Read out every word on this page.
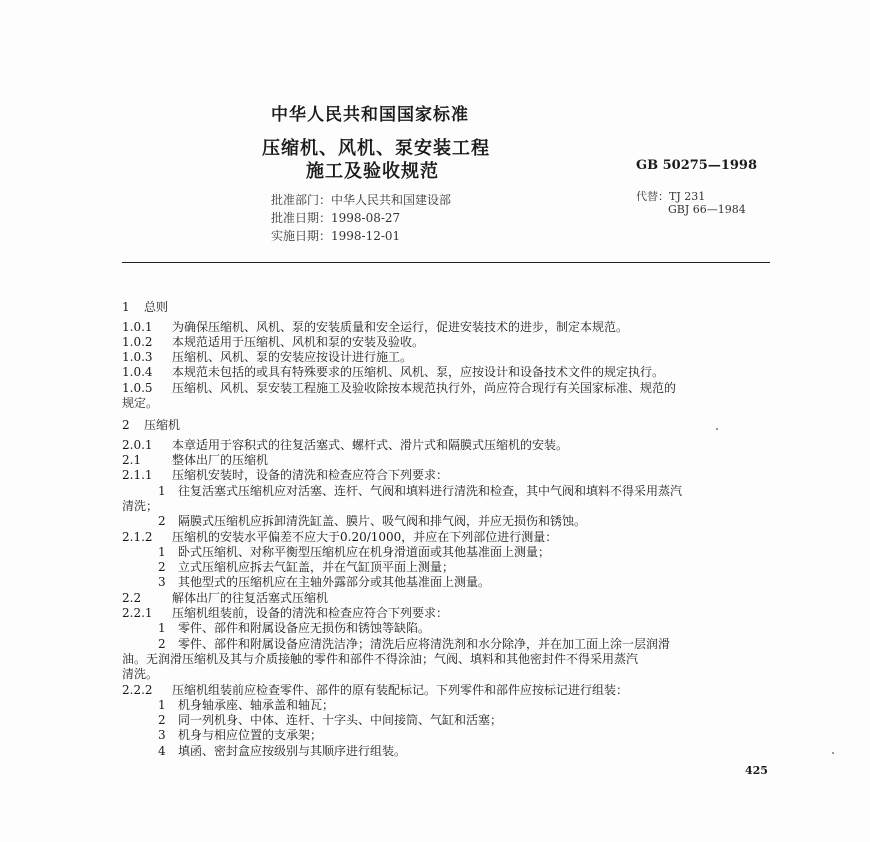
中华人民共和国国家标准
压缩机、风机、泵安装工程
施工及验收规范	GB 50275—1998
批准部门：中华人民共和国建设部
批准日期：1998-08-27
实施日期：1998-12-01
代替：TJ 231
GBJ 66—1984
1 总则
1.0.1 为确保压缩机、风机、泵的安装质量和安全运行，促进安装技术的进步，制定本规范。
1.0.2 本规范适用于压缩机、风机和泵的安装及验收。
1.0.3 压缩机、风机、泵的安装应按设计进行施工。
1.0.4 本规范未包括的或具有特殊要求的压缩机、风机、泵，应按设计和设备技术文件的规定执行。
1.0.5 压缩机、风机、泵安装工程施工及验收除按本规范执行外，尚应符合现行有关国家标准、规范的
规定。
2 压缩机
2.0.1 本章适用于容积式的往复活塞式、螺杆式、滑片式和隔膜式压缩机的安装。
2.1	整体出厂的压缩机
2.1.1 压缩机安装时，设备的清洗和检查应符合下列要求：
1 往复活塞式压缩机应对活塞、连杆、气阀和填料进行清洗和检查，其中气阀和填料不得采用蒸汽
清洗；
2 隔膜式压缩机应拆卸清洗缸盖、膜片、吸气阀和排气阀，并应无损伤和锈蚀。
2.1.2 压缩机的安装水平偏差不应大于0.20/1000，并应在下列部位进行测量：
1 卧式压缩机、对称平衡型压缩机应在机身滑道面或其他基准面上测量；
2 立式压缩机应拆去气缸盖，并在气缸顶平面上测量；
3 其他型式的压缩机应在主轴外露部分或其他基准面上测量。
2.2	解体出厂的往复活塞式压缩机
2.2.1 压缩机组装前，设备的清洗和检查应符合下列要求：
1 零件、部件和附属设备应无损伤和锈蚀等缺陷。
2 零件、部件和附属设备应清洗洁净；清洗后应将清洗剂和水分除净，并在加工面上涂一层润滑
油。无润滑压缩机及其与介质接触的零件和部件不得涂油；气阀、填料和其他密封件不得采用蒸汽
清洗。
2.2.2 压缩机组装前应检查零件、部件的原有装配标记。下列零件和部件应按标记进行组装：
1 机身轴承座、轴承盖和轴瓦；
2 同一列机身、中体、连杆、十字头、中间接筒、气缸和活塞；
3 机身与相应位置的支承架；
4 填函、密封盒应按级别与其顺序进行组装。
425
